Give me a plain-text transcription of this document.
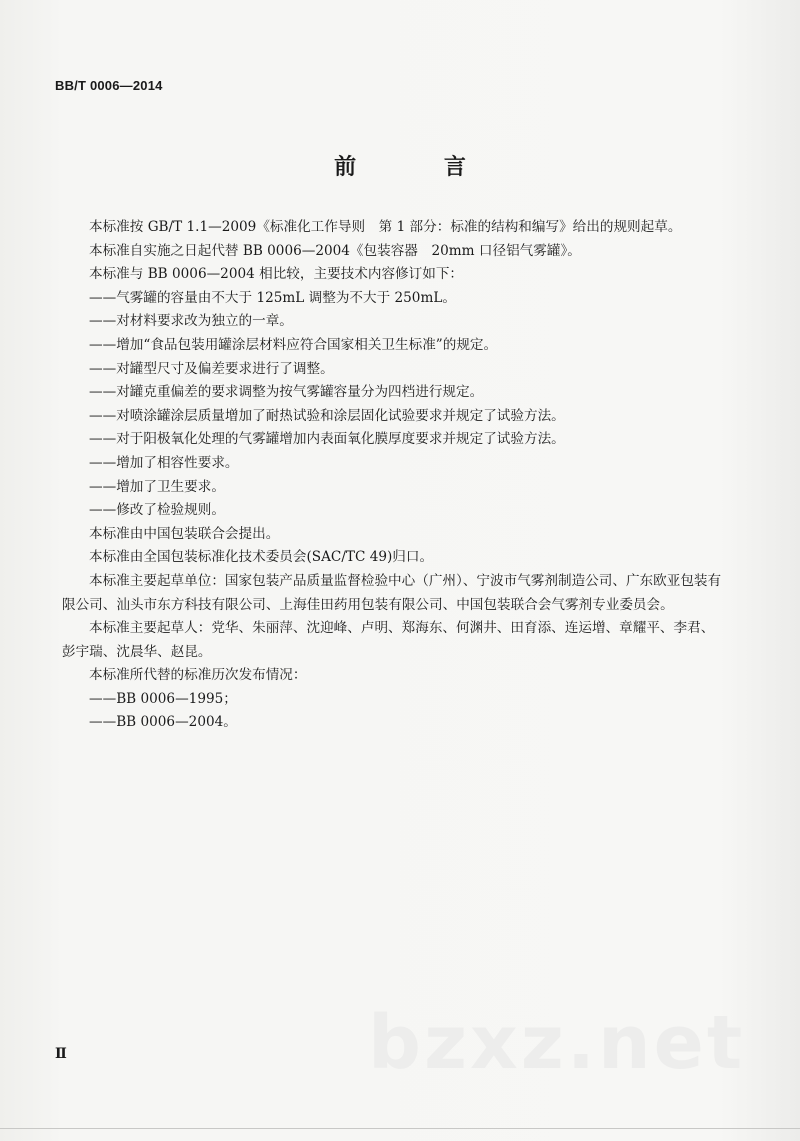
BB/T 0006—2014
前 言

本标准按 GB/T 1.1—2009《标准化工作导则　第 1 部分：标准的结构和编写》给出的规则起草。

本标准自实施之日起代替 BB 0006—2004《包装容器　20mm 口径铝气雾罐》。

本标准与 BB 0006—2004 相比较，主要技术内容修订如下：

——气雾罐的容量由不大于 125mL 调整为不大于 250mL。

——对材料要求改为独立的一章。

——增加“食品包装用罐涂层材料应符合国家相关卫生标准”的规定。

——对罐型尺寸及偏差要求进行了调整。

——对罐克重偏差的要求调整为按气雾罐容量分为四档进行规定。

——对喷涂罐涂层质量增加了耐热试验和涂层固化试验要求并规定了试验方法。

——对于阳极氧化处理的气雾罐增加内表面氧化膜厚度要求并规定了试验方法。

——增加了相容性要求。

——增加了卫生要求。

——修改了检验规则。

本标准由中国包装联合会提出。

本标准由全国包装标准化技术委员会(SAC/TC 49)归口。

本标准主要起草单位：国家包装产品质量监督检验中心（广州）、宁波市气雾剂制造公司、广东欧亚包装有限公司、汕头市东方科技有限公司、上海佳田药用包装有限公司、中国包装联合会气雾剂专业委员会。

本标准主要起草人：党华、朱丽萍、沈迎峰、卢明、郑海东、何渊井、田育添、连运增、章耀平、李君、彭宇瑞、沈晨华、赵昆。

本标准所代替的标准历次发布情况：

——BB 0006—1995；

——BB 0006—2004。

bzxz.net
Ⅱ
